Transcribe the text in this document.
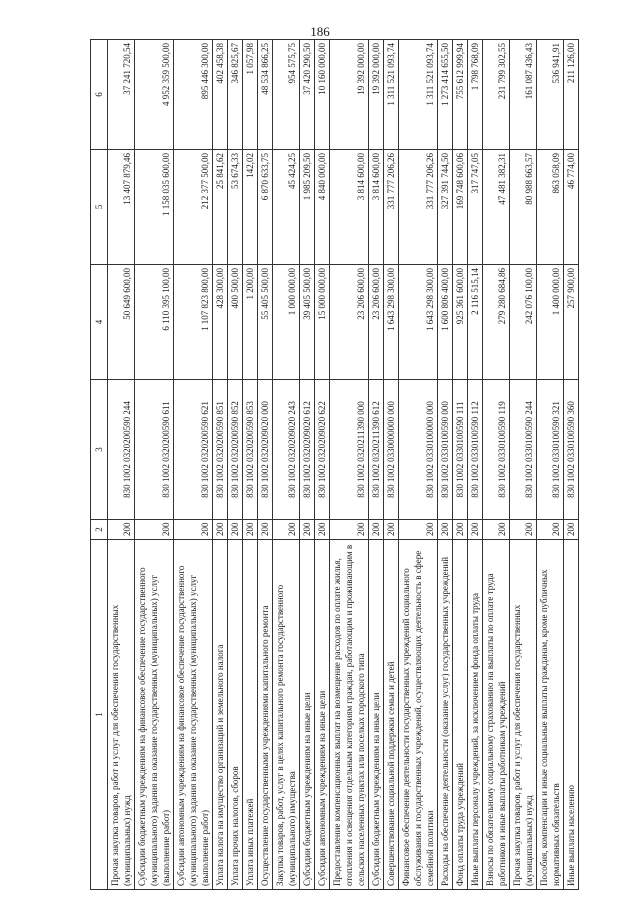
186
1	2	3	4	5	6
Прочая закупка товаров, работ и услуг для обеспечения государственных (муниципальных) нужд	200	830 1002 0320200590 244	50 649 600,00	13 407 879,46	37 241 720,54
Субсидии бюджетным учреждениям на финансовое обеспечение государственного (муниципального) задания на оказание государственных (муниципальных) услуг (выполнение работ)	200	830 1002 0320200590 611	6 110 395 100,00	1 158 035 600,00	4 952 359 500,00
Субсидии автономным учреждениям на финансовое обеспечение государственного (муниципального) задания на оказание государственных (муниципальных) услуг (выполнение работ)	200	830 1002 0320200590 621	1 107 823 800,00	212 377 500,00	895 446 300,00
Уплата налога на имущество организаций и земельного налога	200	830 1002 0320200590 851	428 300,00	25 841,62	402 458,38
Уплата прочих налогов, сборов	200	830 1002 0320200590 852	400 500,00	53 674,33	346 825,67
Уплата иных платежей	200	830 1002 0320200590 853	1 200,00	142,02	1 057,98
Осуществление государственными учреждениями капитального ремонта	200	830 1002 0320209020 000	55 405 500,00	6 870 633,75	48 534 866,25
Закупка товаров, работ, услуг в целях капитального ремонта государственного (муниципального) имущества	200	830 1002 0320209020 243	1 000 000,00	45 424,25	954 575,75
Субсидии бюджетным учреждениям на иные цели	200	830 1002 0320209020 612	39 405 500,00	1 985 209,50	37 420 290,50
Субсидии автономным учреждениям на иные цели	200	830 1002 0320209020 622	15 000 000,00	4 840 000,00	10 160 000,00
Предоставление компенсационных выплат на возмещение расходов по оплате жилья, отопления и освещения отдельным категориям граждан, работающим и проживающим в сельских населенных пунктах или поселках городского типа	200	830 1002 0320211390 000	23 206 600,00	3 814 600,00	19 392 000,00
Субсидии бюджетным учреждениям на иные цели	200	830 1002 0320211390 612	23 206 600,00	3 814 600,00	19 392 000,00
Совершенствование социальной поддержки семьи и детей	200	830 1002 0330000000 000	1 643 298 300,00	331 777 206,26	1 311 521 093,74
Финансовое обеспечение деятельности государственных учреждений социального обслуживания и государственных учреждений, осуществляющих деятельность в сфере семейной политики	200	830 1002 0330100000 000	1 643 298 300,00	331 777 206,26	1 311 521 093,74
Расходы на обеспечение деятельности (оказание услуг) государственных учреждений	200	830 1002 0330100590 000	1 600 806 400,00	327 391 744,50	1 273 414 655,50
Фонд оплаты труда учреждений	200	830 1002 0330100590 111	925 361 600,00	169 748 600,06	755 612 999,94
Иные выплаты персоналу учреждений, за исключением фонда оплаты труда	200	830 1002 0330100590 112	2 116 515,14	317 747,05	1 798 768,09
Взносы по обязательному социальному страхованию на выплаты по оплате труда работников и иные выплаты работникам учреждений	200	830 1002 0330100590 119	279 280 684,86	47 481 382,31	231 799 302,55
Прочая закупка товаров, работ и услуг для обеспечения государственных (муниципальных) нужд	200	830 1002 0330100590 244	242 076 100,00	80 988 663,57	161 087 436,43
Пособия, компенсации и иные социальные выплаты гражданам, кроме публичных нормативных обязательств	200	830 1002 0330100590 321	1 400 000,00	863 058,09	536 941,91
Иные выплаты населению	200	830 1002 0330100590 360	257 900,00	46 774,00	211 126,00
